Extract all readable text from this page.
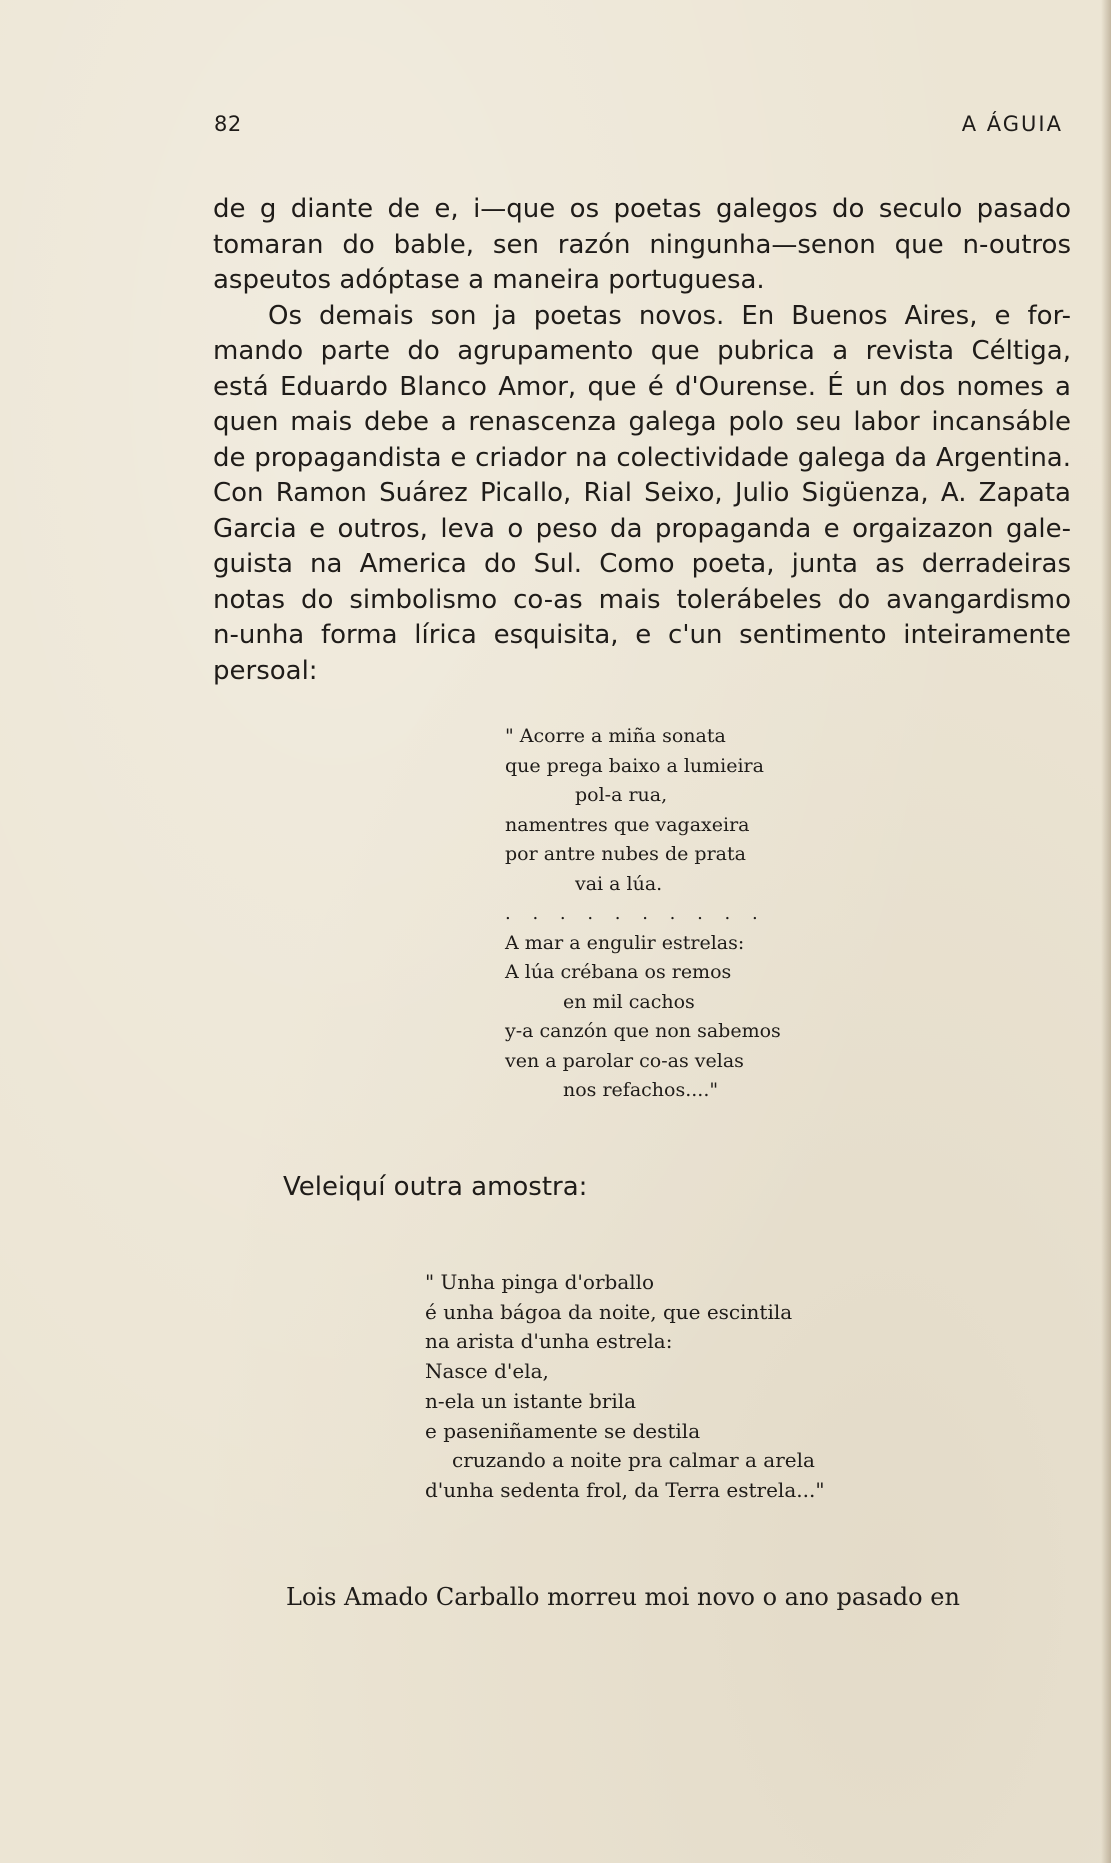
82	A ÁGUIA
de g diante de e, i—que os poetas galegos do seculo pasado
tomaran do bable, sen razón ningunha—senon que n-outros
aspeutos adóptase a maneira portuguesa.
Os demais son ja poetas novos. En Buenos Aires, e for-
mando parte do agrupamento que pubrica a revista Céltiga,
está Eduardo Blanco Amor, que é d'Ourense. É un dos nomes a
quen mais debe a renascenza galega polo seu labor incansáble
de propagandista e criador na colectividade galega da Argentina.
Con Ramon Suárez Picallo, Rial Seixo, Julio Sigüenza, A. Zapata
Garcia e outros, leva o peso da propaganda e orgaizazon gale-
guista na America do Sul. Como poeta, junta as derradeiras
notas do simbolismo co-as mais tolerábeles do avangardismo
n-unha forma lírica esquisita, e c'un sentimento inteiramente
persoal:
" Acorre a miña sonata
que prega baixo a lumieira
pol-a rua,
namentres que vagaxeira
por antre nubes de prata
vai a lúa.
. . . . . . . . . .
A mar a engulir estrelas:
A lúa crébana os remos
en mil cachos
y-a canzón que non sabemos
ven a parolar co-as velas
nos refachos...."
Veleiquí outra amostra:
" Unha pinga d'orballo
é unha bágoa da noite, que escintila
na arista d'unha estrela:
Nasce d'ela,
n-ela un istante brila
e paseniñamente se destila
cruzando a noite pra calmar a arela
d'unha sedenta frol, da Terra estrela..."
Lois Amado Carballo morreu moi novo o ano pasado en
